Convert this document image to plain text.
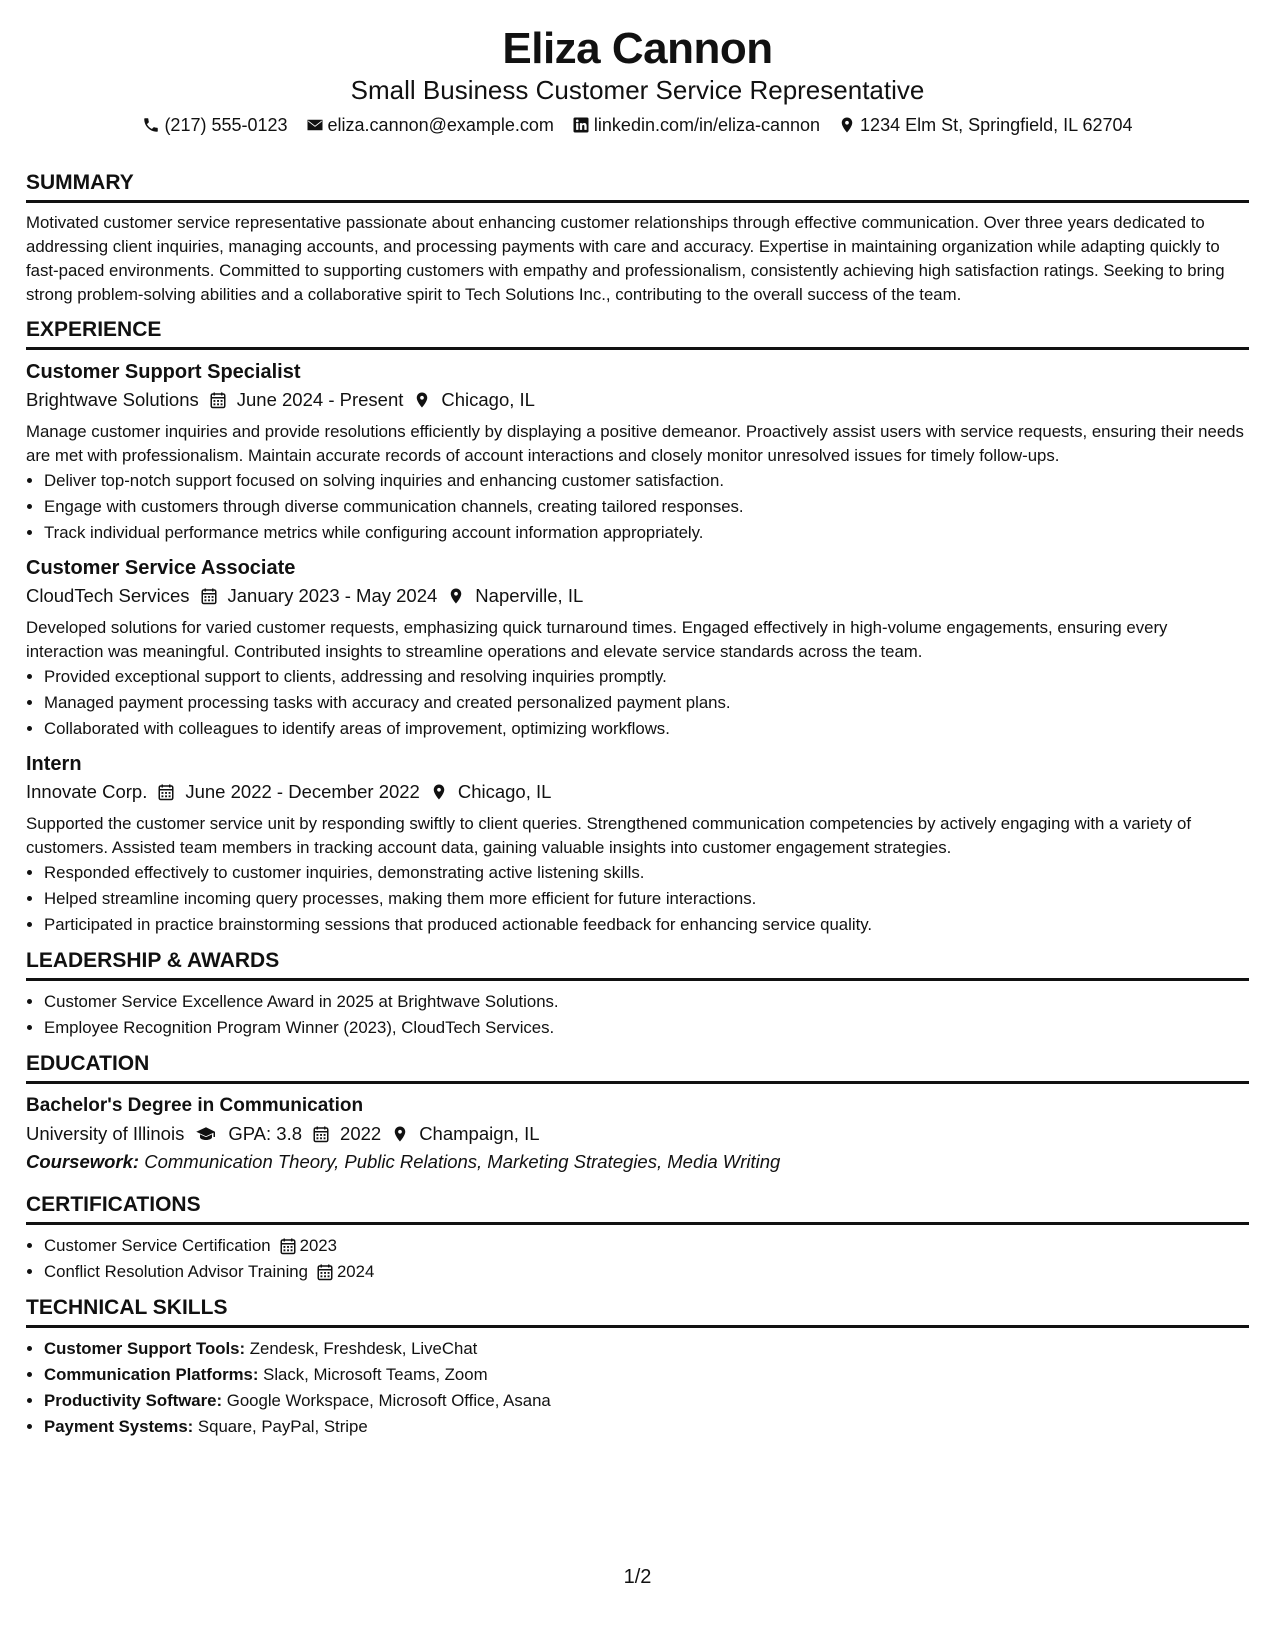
Eliza Cannon
Small Business Customer Service Representative
(217) 555-0123 eliza.cannon@example.com linkedin.com/in/eliza-cannon 1234 Elm St, Springfield, IL 62704
SUMMARY
Motivated customer service representative passionate about enhancing customer relationships through effective communication. Over three years dedicated to addressing client inquiries, managing accounts, and processing payments with care and accuracy. Expertise in maintaining organization while adapting quickly to fast-paced environments. Committed to supporting customers with empathy and professionalism, consistently achieving high satisfaction ratings. Seeking to bring strong problem-solving abilities and a collaborative spirit to Tech Solutions Inc., contributing to the overall success of the team.
EXPERIENCE
Customer Support Specialist
Brightwave Solutions June 2024 - Present Chicago, IL
Manage customer inquiries and provide resolutions efficiently by displaying a positive demeanor. Proactively assist users with service requests, ensuring their needs are met with professionalism. Maintain accurate records of account interactions and closely monitor unresolved issues for timely follow-ups.
• Deliver top-notch support focused on solving inquiries and enhancing customer satisfaction.
• Engage with customers through diverse communication channels, creating tailored responses.
• Track individual performance metrics while configuring account information appropriately.
Customer Service Associate
CloudTech Services January 2023 - May 2024 Naperville, IL
Developed solutions for varied customer requests, emphasizing quick turnaround times. Engaged effectively in high-volume engagements, ensuring every interaction was meaningful. Contributed insights to streamline operations and elevate service standards across the team.
• Provided exceptional support to clients, addressing and resolving inquiries promptly.
• Managed payment processing tasks with accuracy and created personalized payment plans.
• Collaborated with colleagues to identify areas of improvement, optimizing workflows.
Intern
Innovate Corp. June 2022 - December 2022 Chicago, IL
Supported the customer service unit by responding swiftly to client queries. Strengthened communication competencies by actively engaging with a variety of customers. Assisted team members in tracking account data, gaining valuable insights into customer engagement strategies.
• Responded effectively to customer inquiries, demonstrating active listening skills.
• Helped streamline incoming query processes, making them more efficient for future interactions.
• Participated in practice brainstorming sessions that produced actionable feedback for enhancing service quality.
LEADERSHIP & AWARDS
• Customer Service Excellence Award in 2025 at Brightwave Solutions.
• Employee Recognition Program Winner (2023), CloudTech Services.
EDUCATION
Bachelor's Degree in Communication
University of Illinois GPA: 3.8 2022 Champaign, IL
Coursework: Communication Theory, Public Relations, Marketing Strategies, Media Writing
CERTIFICATIONS
• Customer Service Certification 2023
• Conflict Resolution Advisor Training 2024
TECHNICAL SKILLS
• Customer Support Tools: Zendesk, Freshdesk, LiveChat
• Communication Platforms: Slack, Microsoft Teams, Zoom
• Productivity Software: Google Workspace, Microsoft Office, Asana
• Payment Systems: Square, PayPal, Stripe
1/2
